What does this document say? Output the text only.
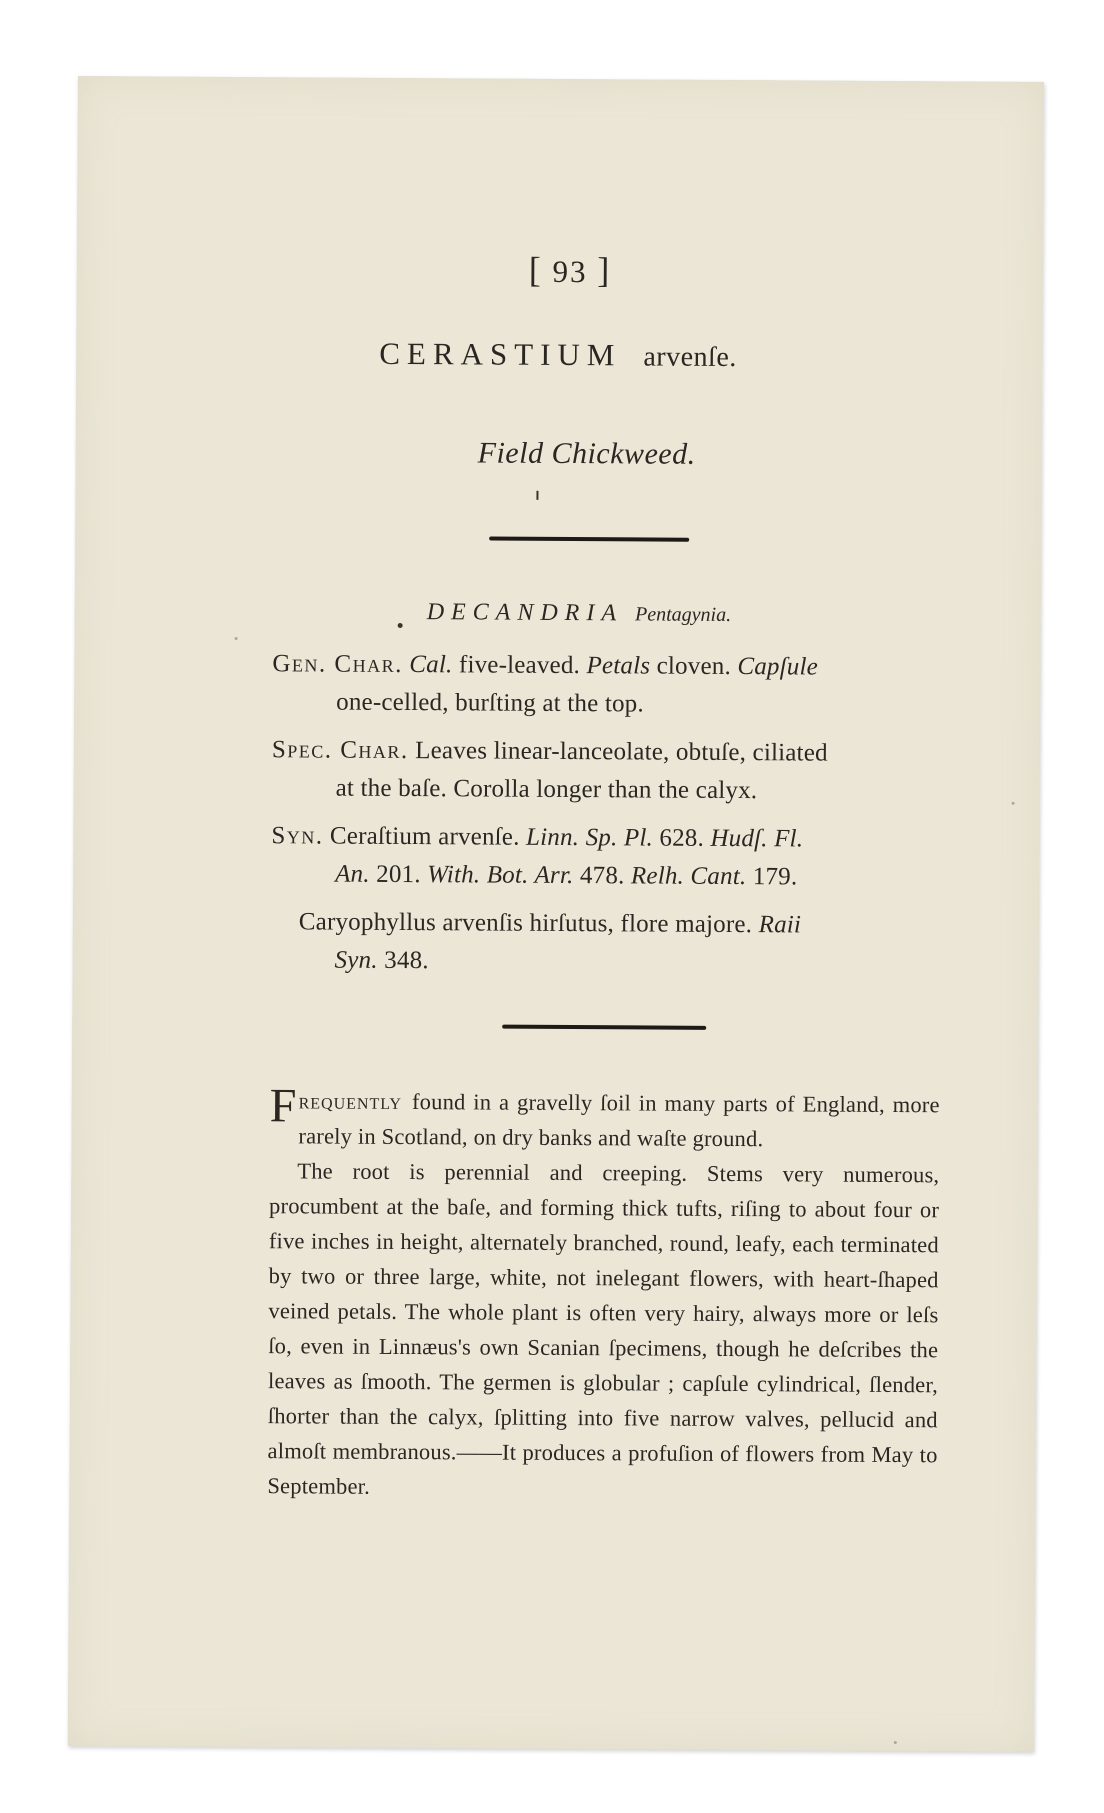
[ 93 ]
CERASTIUM arvenſe.
Field Chickweed.
DECANDRIA Pentagynia.
Gen. Char. Cal. five-leaved. Petals cloven. Capſule
one-celled, burſting at the top.
Spec. Char. Leaves linear-lanceolate, obtuſe, ciliated
at the baſe. Corolla longer than the calyx.
Syn. Ceraſtium arvenſe. Linn. Sp. Pl. 628. Hudſ. Fl.
An. 201. With. Bot. Arr. 478. Relh. Cant. 179.
Caryophyllus arvenſis hirſutus, flore majore. Raii
Syn. 348.

Frequently found in a gravelly ſoil in many parts of England, more rarely in Scotland, on dry banks and waſte ground.

The root is perennial and creeping. Stems very numerous, procumbent at the baſe, and forming thick tufts, riſing to about four or five inches in height, alternately branched, round, leafy, each terminated by two or three large, white, not inelegant flowers, with heart-ſhaped veined petals. The whole plant is often very hairy, always more or leſs ſo, even in Linnæus's own Scanian ſpecimens, though he deſcribes the leaves as ſmooth. The germen is globular ; capſule cylindrical, ſlender, ſhorter than the calyx, ſplitting into five narrow valves, pellucid and almoſt membranous.——It produces a profuſion of flowers from May to September.
